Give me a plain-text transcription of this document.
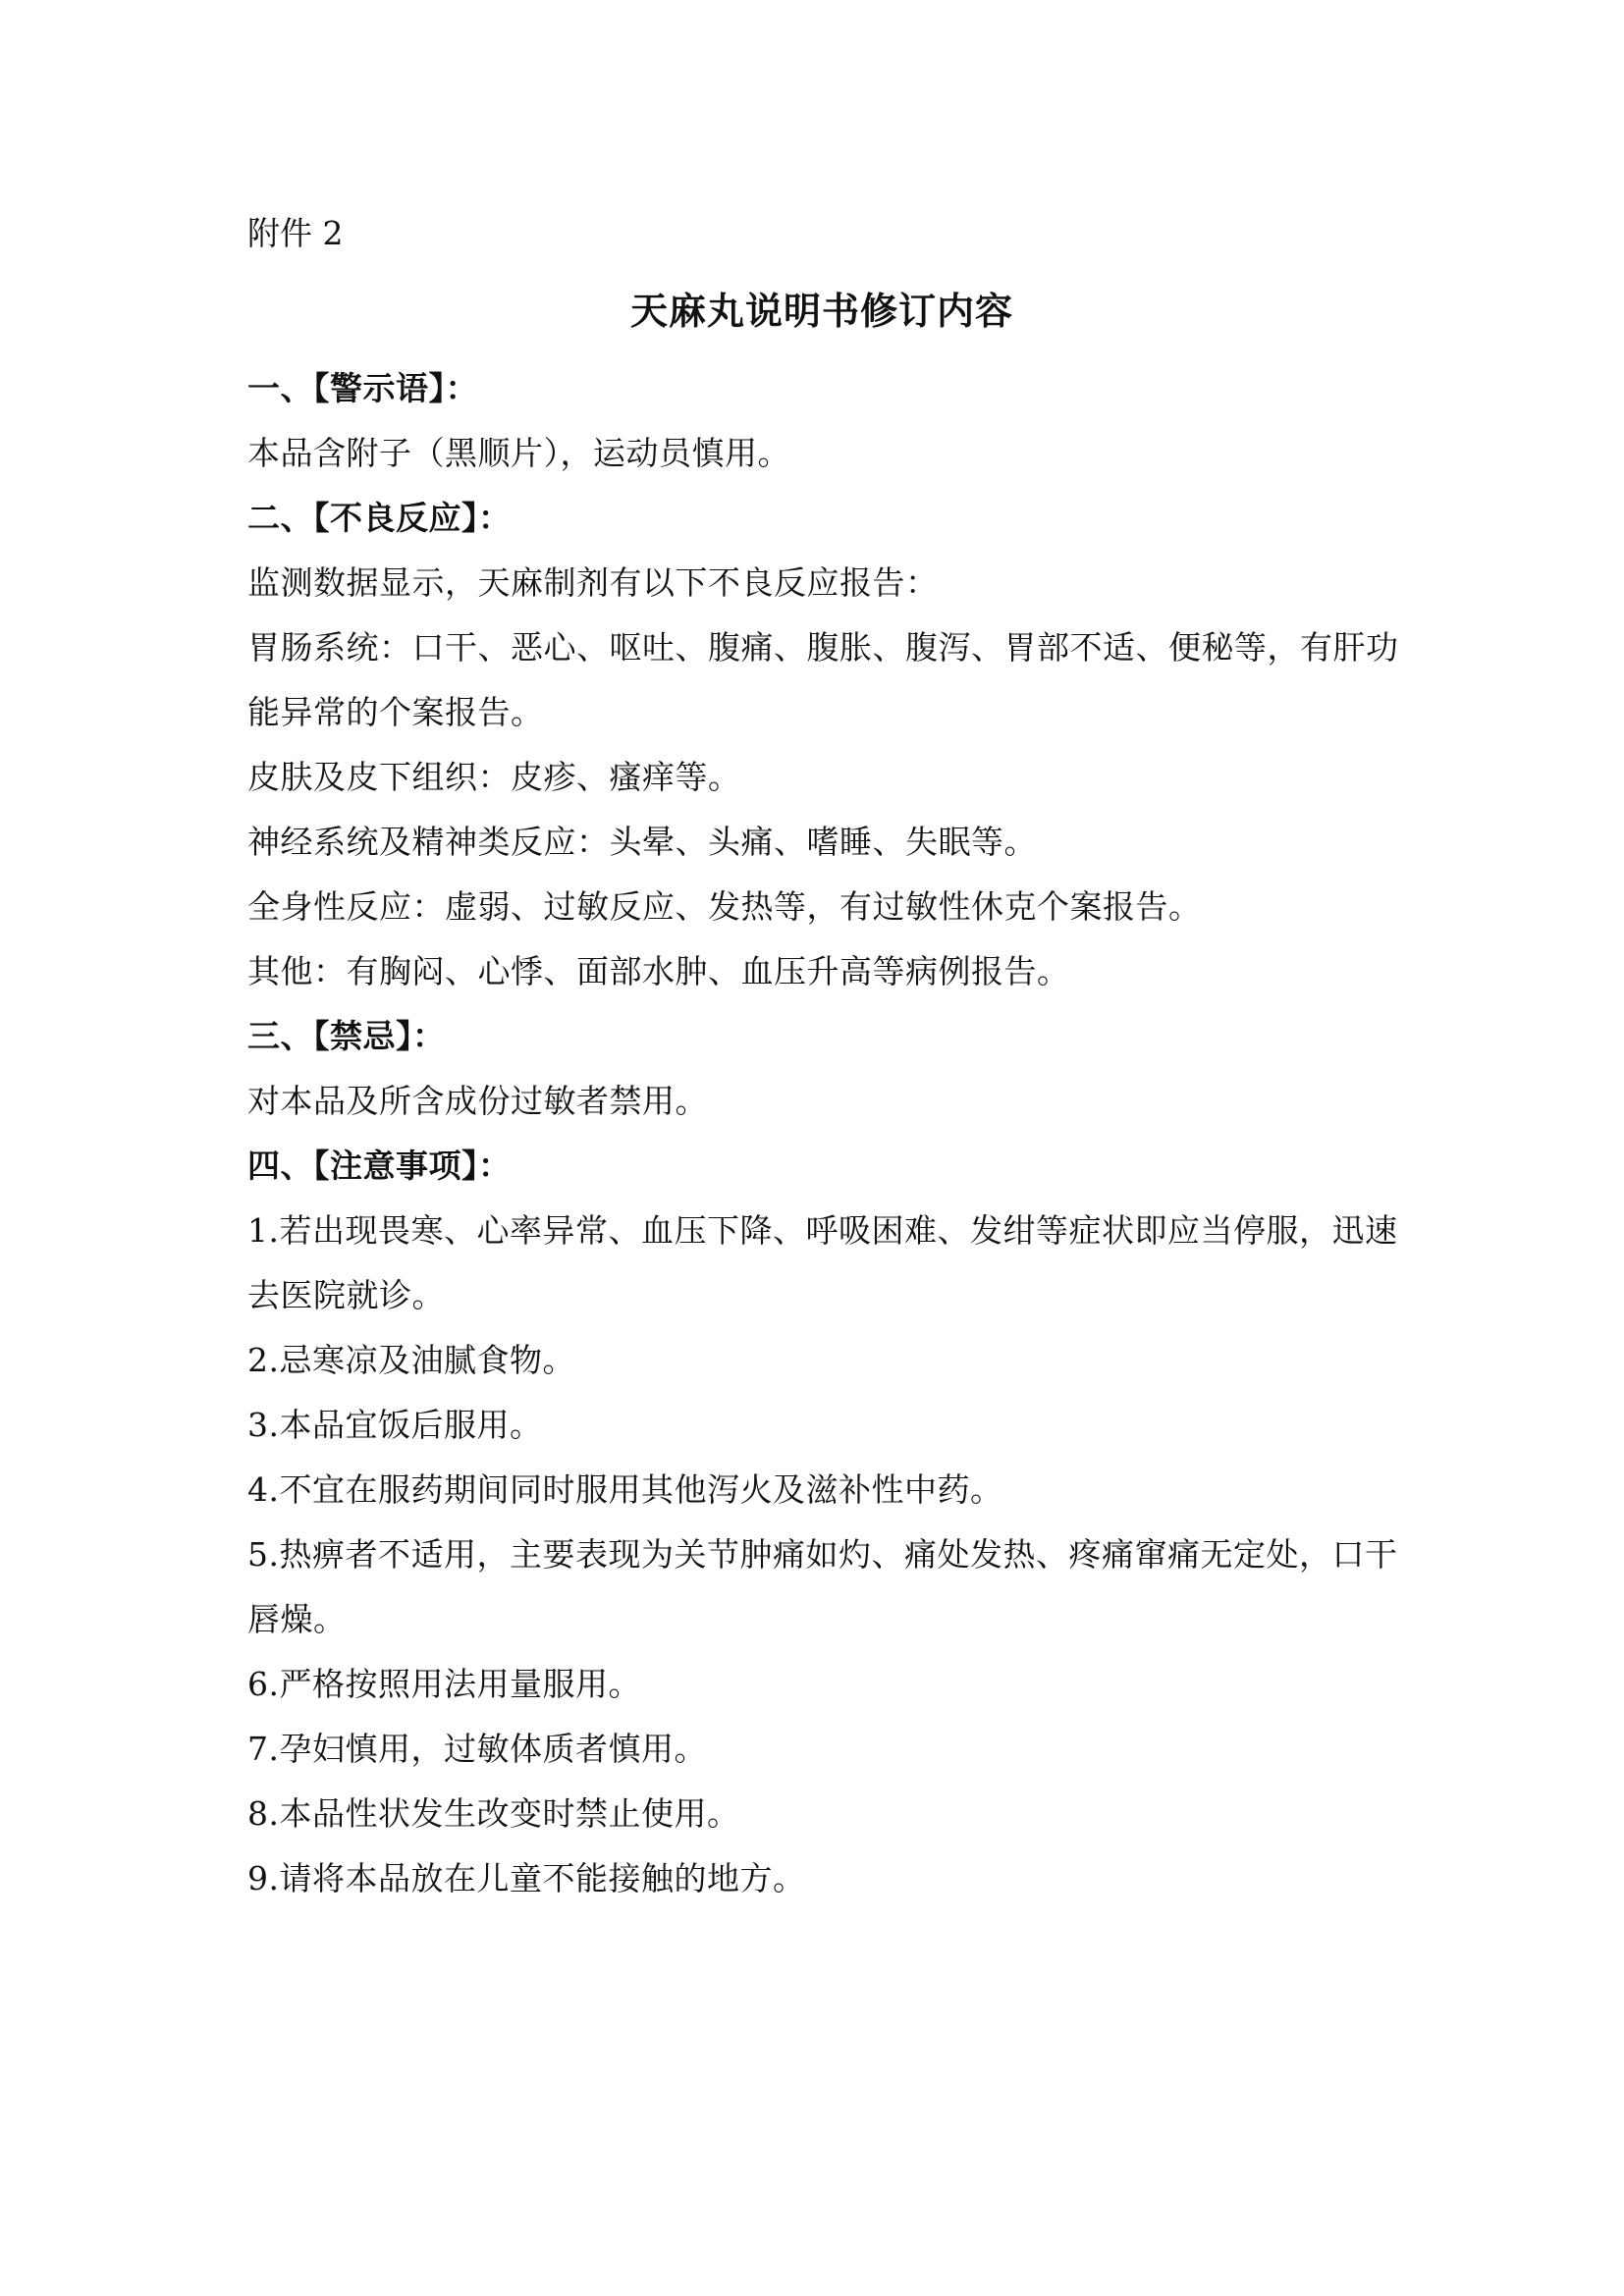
附件 2
天麻丸说明书修订内容
一、【警示语】：
本品含附子（黑顺片），运动员慎用。
二、【不良反应】：
监测数据显示，天麻制剂有以下不良反应报告：
胃肠系统：口干、恶心、呕吐、腹痛、腹胀、腹泻、胃部不适、便秘等，有肝功
能异常的个案报告。
皮肤及皮下组织：皮疹、瘙痒等。
神经系统及精神类反应：头晕、头痛、嗜睡、失眠等。
全身性反应：虚弱、过敏反应、发热等，有过敏性休克个案报告。
其他：有胸闷、心悸、面部水肿、血压升高等病例报告。
三、【禁忌】：
对本品及所含成份过敏者禁用。
四、【注意事项】：
1.若出现畏寒、心率异常、血压下降、呼吸困难、发绀等症状即应当停服，迅速
去医院就诊。
2.忌寒凉及油腻食物。
3.本品宜饭后服用。
4.不宜在服药期间同时服用其他泻火及滋补性中药。
5.热痹者不适用，主要表现为关节肿痛如灼、痛处发热、疼痛窜痛无定处，口干
唇燥。
6.严格按照用法用量服用。
7.孕妇慎用，过敏体质者慎用。
8.本品性状发生改变时禁止使用。
9.请将本品放在儿童不能接触的地方。
